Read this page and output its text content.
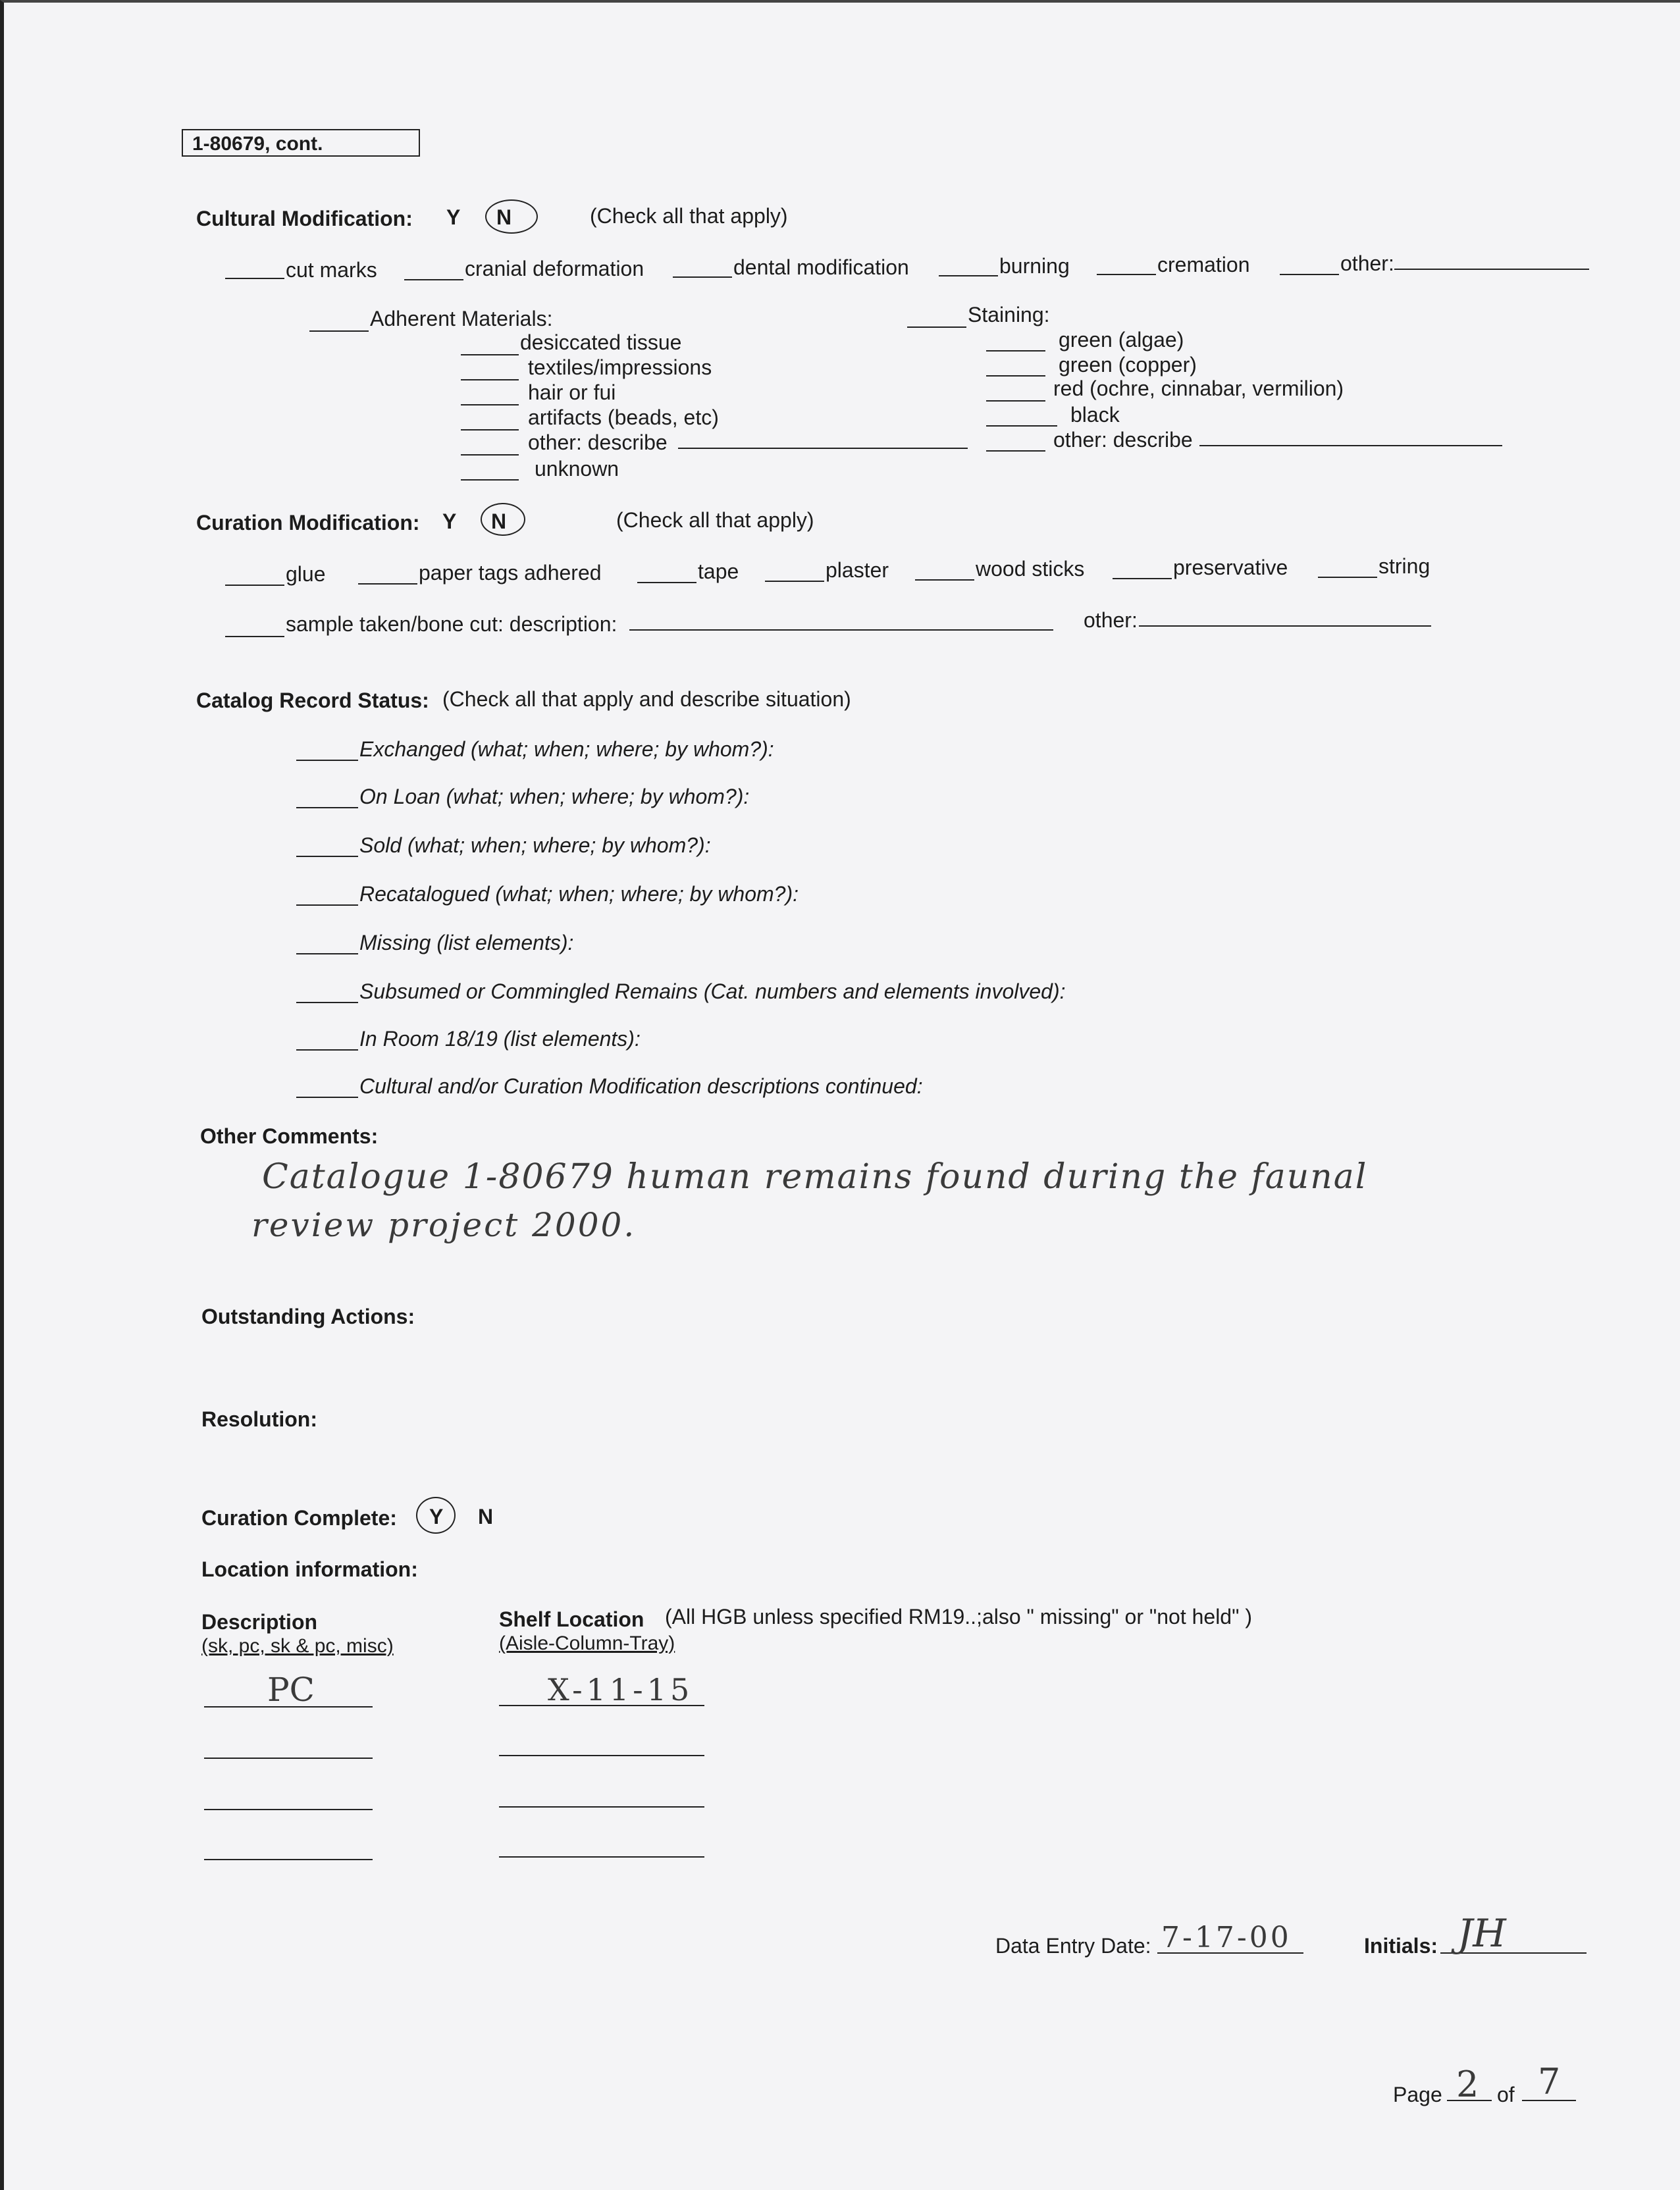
1-80679, cont.
Cultural Modification: Y N	(Check all that apply)
cut marks	cranial deformation	dental modification	burning	cremation	other:
Adherent Materials:
desiccated tissue
textiles/impressions
hair or fui
artifacts (beads, etc)
other: describe
unknown
Staining:
green (algae)
green (copper)
red (ochre, cinnabar, vermilion)
black
other: describe
Curation Modification: Y N	(Check all that apply)
glue	paper tags adhered	tape	plaster	wood sticks	preservative	string
sample taken/bone cut: description:	other:
Catalog Record Status: (Check all that apply and describe situation)
Exchanged (what; when; where; by whom?):
On Loan (what; when; where; by whom?):
Sold (what; when; where; by whom?):
Recatalogued (what; when; where; by whom?):
Missing (list elements):
Subsumed or Commingled Remains (Cat. numbers and elements involved):
In Room 18/19 (list elements):
Cultural and/or Curation Modification descriptions continued:
Other Comments:
Catalogue 1-80679 human remains found during the faunal
review project 2000.
Outstanding Actions:
Resolution:
Curation Complete: Y N
Location information:
Description
(sk, pc, sk & pc, misc)
Shelf Location (All HGB unless specified RM19..;also " missing" or "not held" )
(Aisle-Column-Tray)
PC	X-11-15
Data Entry Date: 7-17-00	Initials: JH
Page 2 of 7
